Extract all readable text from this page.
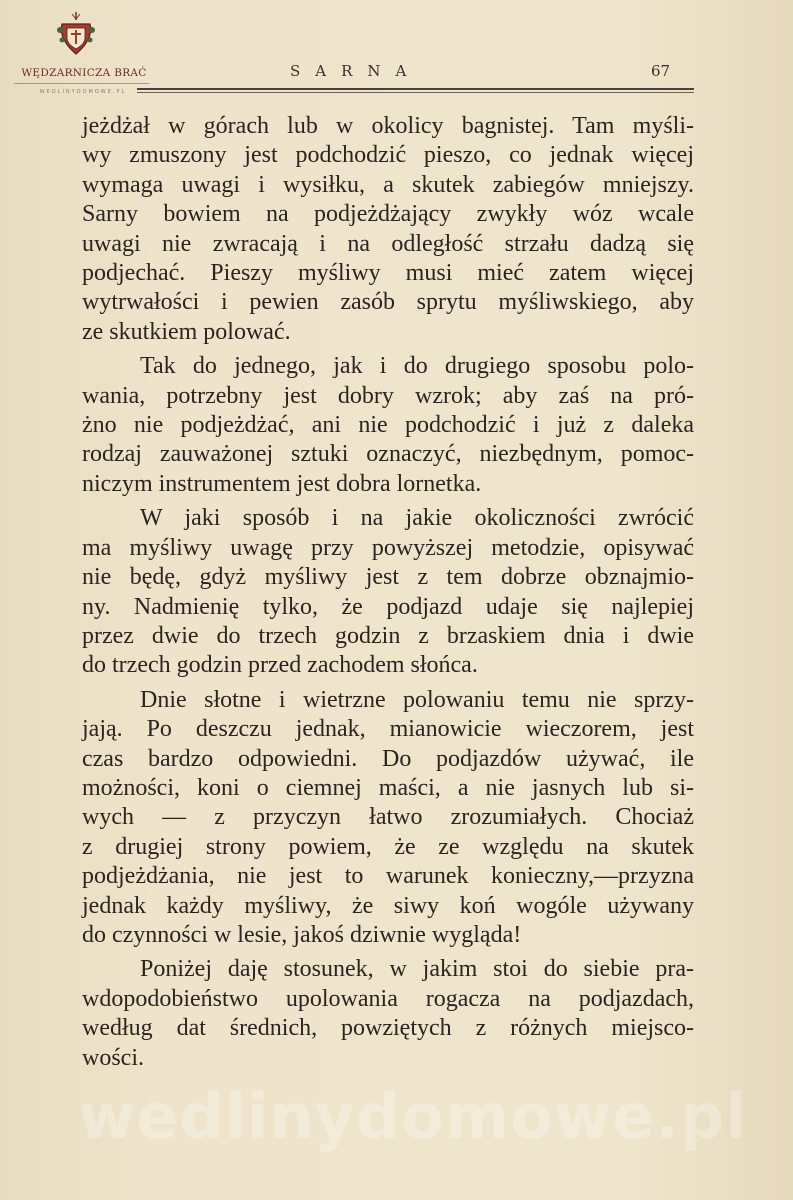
WĘDZARNICZA BRAĆ
WEDLINYDOMOWE.PL
SARNA	67

jeżdżał w górach lub w okolicy bagnistej. Tam myśli-
wy zmuszony jest podchodzić pieszo, co jednak więcej
wymaga uwagi i wysiłku, a skutek zabiegów mniejszy.
Sarny bowiem na podjeżdżający zwykły wóz wcale
uwagi nie zwracają i na odległość strzału dadzą się
podjechać. Pieszy myśliwy musi mieć zatem więcej
wytrwałości i pewien zasób sprytu myśliwskiego, aby
ze skutkiem polować.

Tak do jednego, jak i do drugiego sposobu polo-
wania, potrzebny jest dobry wzrok; aby zaś na pró-
żno nie podjeżdżać, ani nie podchodzić i już z daleka
rodzaj zauważonej sztuki oznaczyć, niezbędnym, pomoc-
niczym instrumentem jest dobra lornetka.

W jaki sposób i na jakie okoliczności zwrócić
ma myśliwy uwagę przy powyższej metodzie, opisywać
nie będę, gdyż myśliwy jest z tem dobrze obznajmio-
ny. Nadmienię tylko, że podjazd udaje się najlepiej
przez dwie do trzech godzin z brzaskiem dnia i dwie
do trzech godzin przed zachodem słońca.

Dnie słotne i wietrzne polowaniu temu nie sprzy-
jają. Po deszczu jednak, mianowicie wieczorem, jest
czas bardzo odpowiedni. Do podjazdów używać, ile
możności, koni o ciemnej maści, a nie jasnych lub si-
wych — z przyczyn łatwo zrozumiałych. Chociaż
z drugiej strony powiem, że ze względu na skutek
podjeżdżania, nie jest to warunek konieczny,—przyzna
jednak każdy myśliwy, że siwy koń wogóle używany
do czynności w lesie, jakoś dziwnie wygląda!

Poniżej daję stosunek, w jakim stoi do siebie pra-
wdopodobieństwo upolowania rogacza na podjazdach,
według dat średnich, powziętych z różnych miejsco-
wości.

wedlinydomowe.pl
